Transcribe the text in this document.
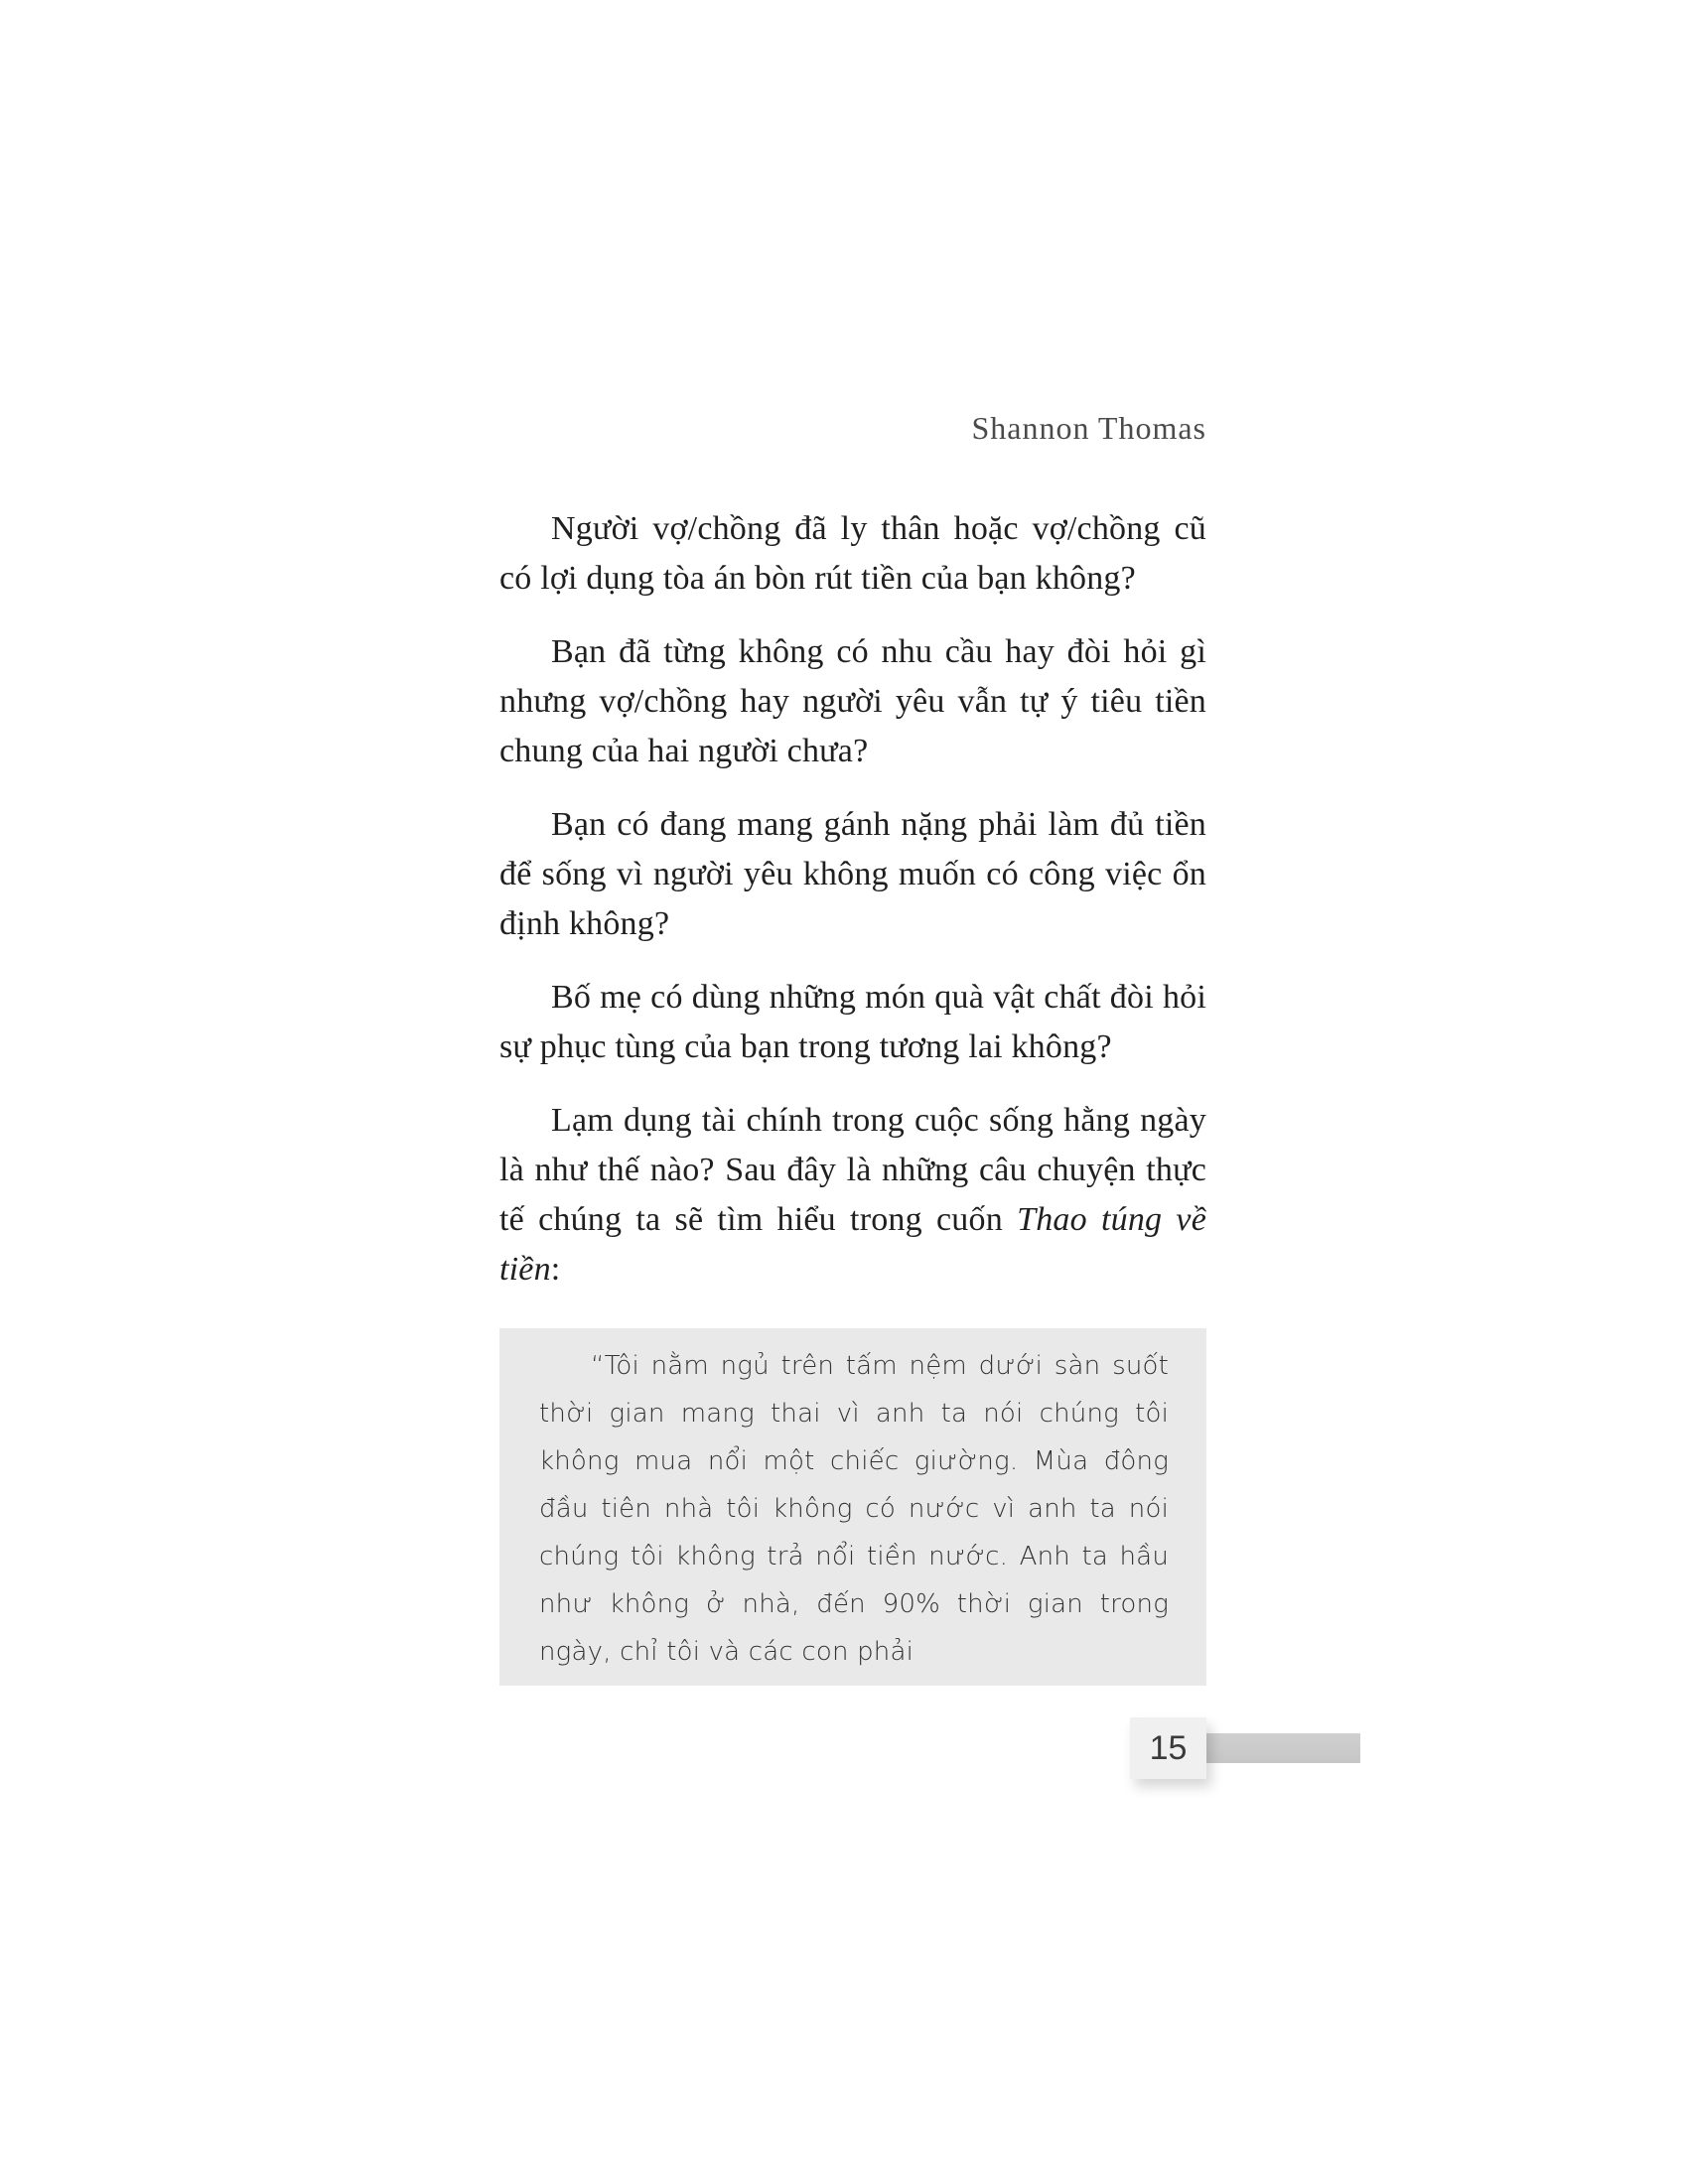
Shannon Thomas

Người vợ/chồng đã ly thân hoặc vợ/chồng cũ có lợi dụng tòa án bòn rút tiền của bạn không?

Bạn đã từng không có nhu cầu hay đòi hỏi gì nhưng vợ/chồng hay người yêu vẫn tự ý tiêu tiền chung của hai người chưa?

Bạn có đang mang gánh nặng phải làm đủ tiền để sống vì người yêu không muốn có công việc ổn định không?

Bố mẹ có dùng những món quà vật chất đòi hỏi sự phục tùng của bạn trong tương lai không?

Lạm dụng tài chính trong cuộc sống hằng ngày là như thế nào? Sau đây là những câu chuyện thực tế chúng ta sẽ tìm hiểu trong cuốn Thao túng về tiền:

“Tôi nằm ngủ trên tấm nệm dưới sàn suốt thời gian mang thai vì anh ta nói chúng tôi không mua nổi một chiếc giường. Mùa đông đầu tiên nhà tôi không có nước vì anh ta nói chúng tôi không trả nổi tiền nước. Anh ta hầu như không ở nhà, đến 90% thời gian trong ngày, chỉ tôi và các con phải

15
